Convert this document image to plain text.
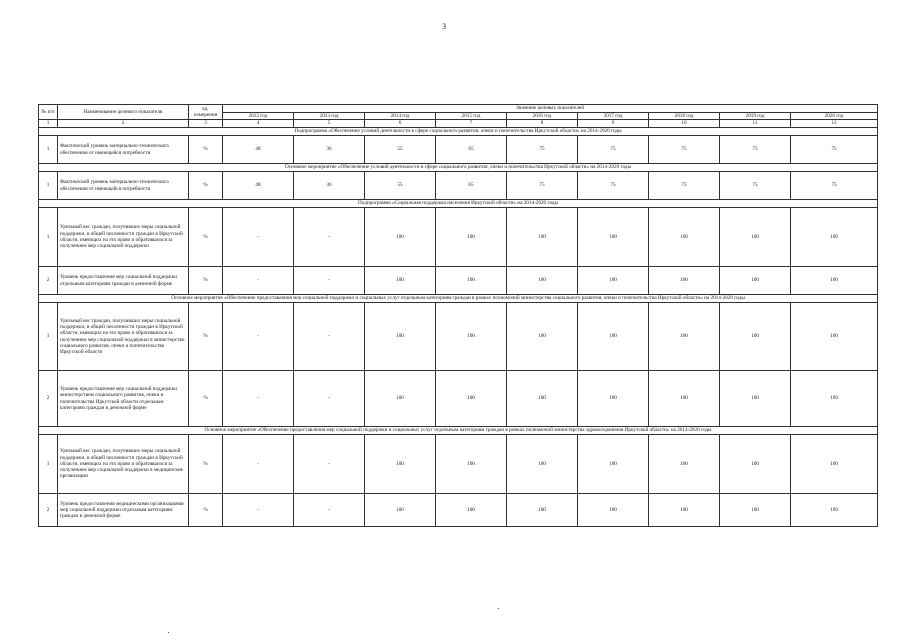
3
№ п/п	Наименование целевого показателя	ед. измерения	Значение целевых показателей								
			2012 год	2013 год	2014 год	2015 год	2016 год	2017 год	2018 год	2019 год	2020 год
1	2	3	4	5	6	7	8	9	10	11	12
Подпрограмма «Обеспечение условий деятельности в сфере социального развития, опеки и попечительства Иркутской области» на 2014-2020 годы											
1	Фактический уровень материально-технического обеспечения от имеющейся потребности	%	48	36	55	65	75	75	75	75	75
Основное мероприятие «Обеспечение условий деятельности в сфере социального развития, опеки и попечительства Иркутской области» на 2014-2020 годы											
1	Фактический уровень материально-технического обеспечения от имеющейся потребности	%	48	36	55	65	75	75	75	75	75
Подпрограмма «Социальная поддержка населения Иркутской области» на 2014-2020 годы											
1	Удельный вес граждан, получивших меры социальной поддержки, в общей численности граждан в Иркутской области, имеющих на это право и обратившихся за получением мер социальной поддержки	%	-	-	100	100	100	100	100	100	100
2	Уровень предоставления мер социальной поддержки отдельным категориям граждан в денежной форме	%	-	-	100	100	100	100	100	100	100
Основное мероприятие «Обеспечение предоставления мер социальной поддержки и социальных услуг отдельным категориям граждан в рамках полномочий министерства социального развития, опеки и попечительства Иркутской области» на 2014-2020 годы											
1	Удельный вес граждан, получивших меры социальной поддержки, в общей численности граждан в Иркутской области, имеющих на это право и обратившихся за получением мер социальной поддержки в министерство социального развития, опеки и попечительства Иркутской области	%	-	-	100	100	100	100	100	100	100
2	Уровень предоставления мер социальной поддержки министерством социального развития, опеки и попечительства Иркутской области отдельным категориям граждан в денежной форме	%	-	-	100	100	100	100	100	100	100
Основное мероприятие «Обеспечение предоставления мер социальной поддержки и социальных услуг отдельным категориям граждан в рамках полномочий министерства здравоохранения Иркутской области» на 2014-2020 годы											
1	Удельный вес граждан, получивших меры социальной поддержки, в общей численности граждан в Иркутской области, имеющих на это право и обратившихся за получением мер социальной поддержки в медицинские организации	%	-	-	100	100	100	100	100	100	100
2	Уровень предоставления медицинскими организациями мер социальной поддержки отдельным категориям граждан в денежной форме	%	-	-	100	100	100	100	100	100	100
